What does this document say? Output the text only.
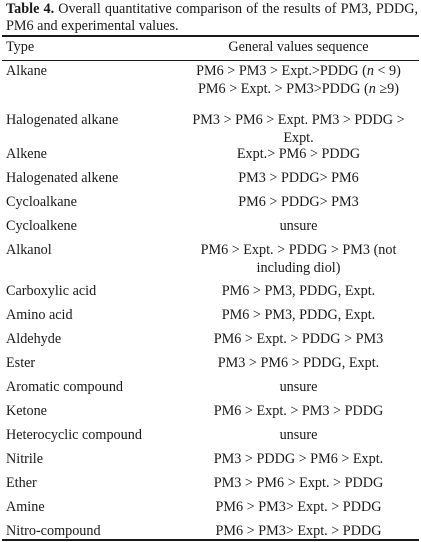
Table 4. Overall quantitative comparison of the results of PM3, PDDG, PM6 and experimental values.
Type	General values sequence
Alkane	PM6 > PM3 > Expt.>PDDG (n < 9)
PM6 > Expt. > PM3>PDDG (n ≥9)
Halogenated alkane	PM3 > PM6 > Expt. PM3 > PDDG >
Expt.
Alkene	Expt.> PM6 > PDDG
Halogenated alkene	PM3 > PDDG> PM6
Cycloalkane	PM6 > PDDG> PM3
Cycloalkene	unsure
Alkanol	PM6 > Expt. > PDDG > PM3 (not
including diol)
Carboxylic acid	PM6 > PM3, PDDG, Expt.
Amino acid	PM6 > PM3, PDDG, Expt.
Aldehyde	PM6 > Expt. > PDDG > PM3
Ester	PM3 > PM6 > PDDG, Expt.
Aromatic compound	unsure
Ketone	PM6 > Expt. > PM3 > PDDG
Heterocyclic compound	unsure
Nitrile	PM3 > PDDG > PM6 > Expt.
Ether	PM3 > PM6 > Expt. > PDDG
Amine	PM6 > PM3> Expt. > PDDG
Nitro-compound	PM6 > PM3> Expt. > PDDG
